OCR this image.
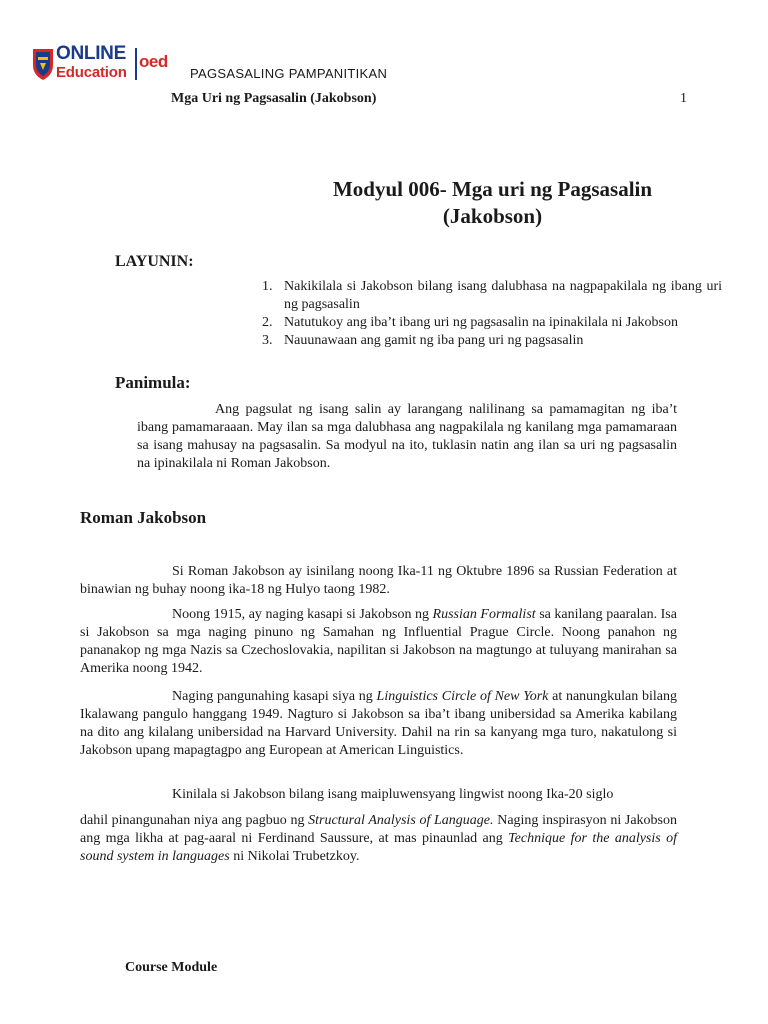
ONLINE
Education
oed
PAGSASALING PAMPANITIKAN
Mga Uri ng Pagsasalin (Jakobson)	1
Modyul 006- Mga uri ng Pagsasalin
(Jakobson)
LAYUNIN:
1. Nakikilala si Jakobson bilang isang dalubhasa na nagpapakilala ng ibang uri ng pagsasalin
2. Natutukoy ang iba’t ibang uri ng pagsasalin na ipinakilala ni Jakobson
3. Nauunawaan ang gamit ng iba pang uri ng pagsasalin
Panimula:

Ang pagsulat ng isang salin ay larangang nalilinang sa pamamagitan ng iba’t ibang pamamaraaan. May ilan sa mga dalubhasa ang nagpakilala ng kanilang mga pamamaraan sa isang mahusay na pagsasalin. Sa modyul na ito, tuklasin natin ang ilan sa uri ng pagsasalin na ipinakilala ni Roman Jakobson.

Roman Jakobson

Si Roman Jakobson ay isinilang noong Ika-11 ng Oktubre 1896 sa Russian Federation at binawian ng buhay noong ika-18 ng Hulyo taong 1982.

Noong 1915, ay naging kasapi si Jakobson ng Russian Formalist sa kanilang paaralan. Isa si Jakobson sa mga naging pinuno ng Samahan ng Influential Prague Circle. Noong panahon ng pananakop ng mga Nazis sa Czechoslovakia, napilitan si Jakobson na magtungo at tuluyang manirahan sa Amerika noong 1942.

Naging pangunahing kasapi siya ng Linguistics Circle of New York at nanungkulan bilang Ikalawang pangulo hanggang 1949. Nagturo si Jakobson sa iba’t ibang unibersidad sa Amerika kabilang na dito ang kilalang unibersidad na Harvard University. Dahil na rin sa kanyang mga turo, nakatulong si Jakobson upang mapagtagpo ang European at American Linguistics.

Kinilala si Jakobson bilang isang maipluwensyang lingwist noong Ika-20 siglo

dahil pinangunahan niya ang pagbuo ng Structural Analysis of Language. Naging inspirasyon ni Jakobson ang mga likha at pag-aaral ni Ferdinand Saussure, at mas pinaunlad ang Technique for the analysis of sound system in languages ni Nikolai Trubetzkoy.

Course Module
